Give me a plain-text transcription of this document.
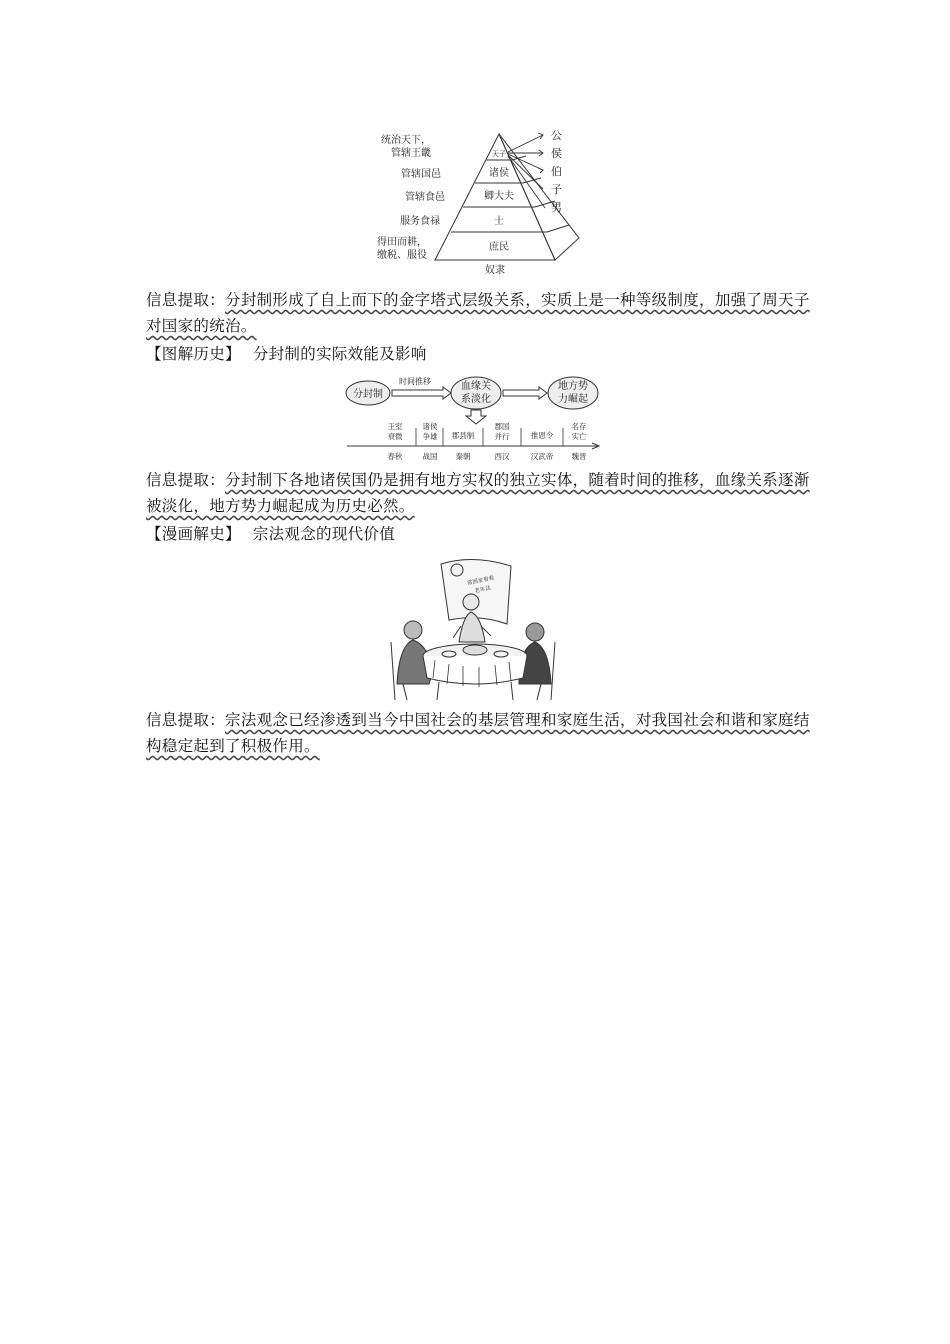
统治天下，
管辖王畿
管辖国邑
管辖食邑
服务食禄
得田而耕，
缴税、服役
天子
诸侯
卿大夫
士
庶民
奴隶
公
侯
伯
子
男
信息提取：分封制形成了自上而下的金字塔式层级关系，实质上是一种等级制度，加强了周天子对国家的统治。
【图解历史】 分封制的实际效能及影响
分封制
时间推移	血缘关
系淡化
地方势
力崛起
王室
衰微
诸侯
争雄 郡县制
郡国
并行	推恩令
名存
实亡
春秋	战国 秦朝	西汉	汉武帝 魏晋
信息提取：分封制下各地诸侯国仍是拥有地方实权的独立实体，随着时间的推移，血缘关系逐渐被淡化，地方势力崛起成为历史必然。
【漫画解史】 宗法观念的现代价值
常回家看看
老年法
信息提取：宗法观念已经渗透到当今中国社会的基层管理和家庭生活，对我国社会和谐和家庭结构稳定起到了积极作用。
